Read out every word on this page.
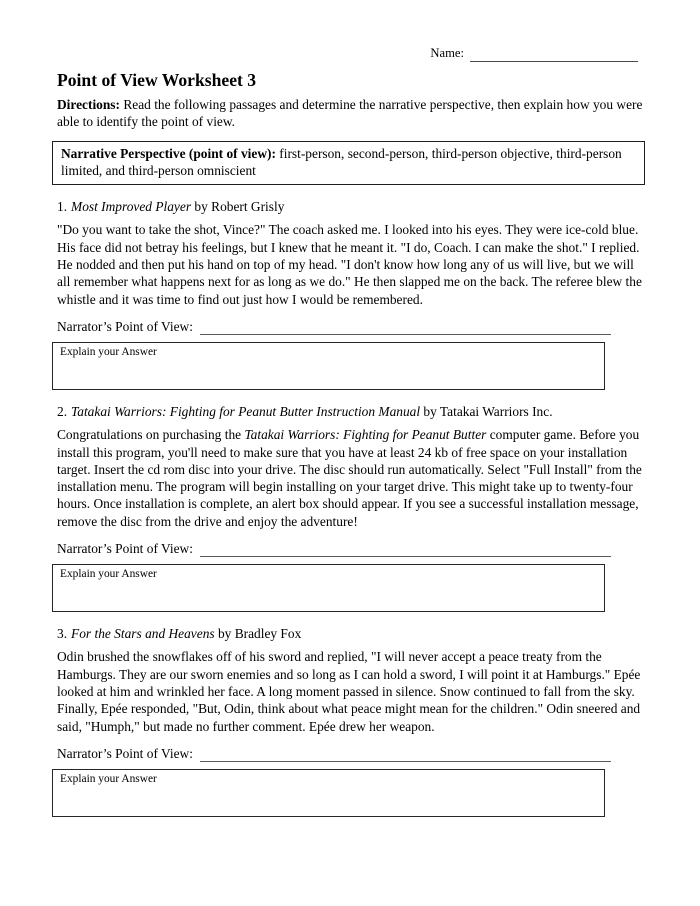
Name:
Point of View Worksheet 3

Directions: Read the following passages and determine the narrative perspective, then explain how you were able to identify the point of view.

Narrative Perspective (point of view): first-person, second-person, third-person objective, third-person limited, and third-person omniscient

1. Most Improved Player by Robert Grisly

"Do you want to take the shot, Vince?" The coach asked me. I looked into his eyes. They were ice-cold blue. His face did not betray his feelings, but I knew that he meant it. "I do, Coach. I can make the shot." I replied. He nodded and then put his hand on top of my head. "I don't know how long any of us will live, but we will all remember what happens next for as long as we do." He then slapped me on the back. The referee blew the whistle and it was time to find out just how I would be remembered.

Narrator’s Point of View:
Explain your Answer

2. Tatakai Warriors: Fighting for Peanut Butter Instruction Manual by Tatakai Warriors Inc.

Congratulations on purchasing the Tatakai Warriors: Fighting for Peanut Butter computer game. Before you install this program, you'll need to make sure that you have at least 24 kb of free space on your installation target. Insert the cd rom disc into your drive. The disc should run automatically. Select "Full Install" from the installation menu. The program will begin installing on your target drive. This might take up to twenty-four hours. Once installation is complete, an alert box should appear. If you see a successful installation message, remove the disc from the drive and enjoy the adventure!

Narrator’s Point of View:
Explain your Answer

3. For the Stars and Heavens by Bradley Fox

Odin brushed the snowflakes off of his sword and replied, "I will never accept a peace treaty from the Hamburgs. They are our sworn enemies and so long as I can hold a sword, I will point it at Hamburgs." Epée looked at him and wrinkled her face. A long moment passed in silence. Snow continued to fall from the sky. Finally, Epée responded, "But, Odin, think about what peace might mean for the children." Odin sneered and said, "Humph," but made no further comment. Epée drew her weapon.

Narrator’s Point of View:
Explain your Answer
